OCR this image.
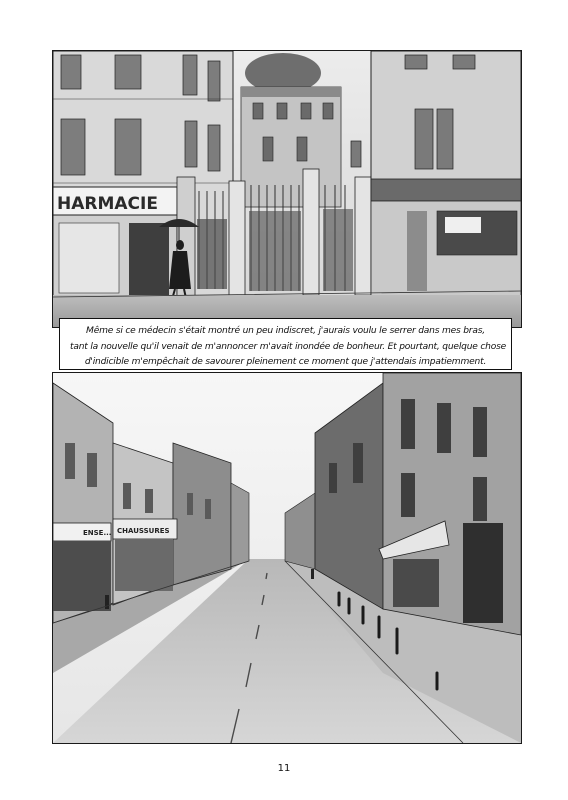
HARMACIE
Même si ce médecin s'était montré un peu indiscret, j'aurais voulu le serrer dans mes bras,
tant la nouvelle qu'il venait de m'annoncer m'avait inondée de bonheur. Et pourtant, quelque chose
d'indicible m'empêchait de savourer pleinement ce moment que j'attendais impatiemment.
ENSE... CHAUSSURES
11
